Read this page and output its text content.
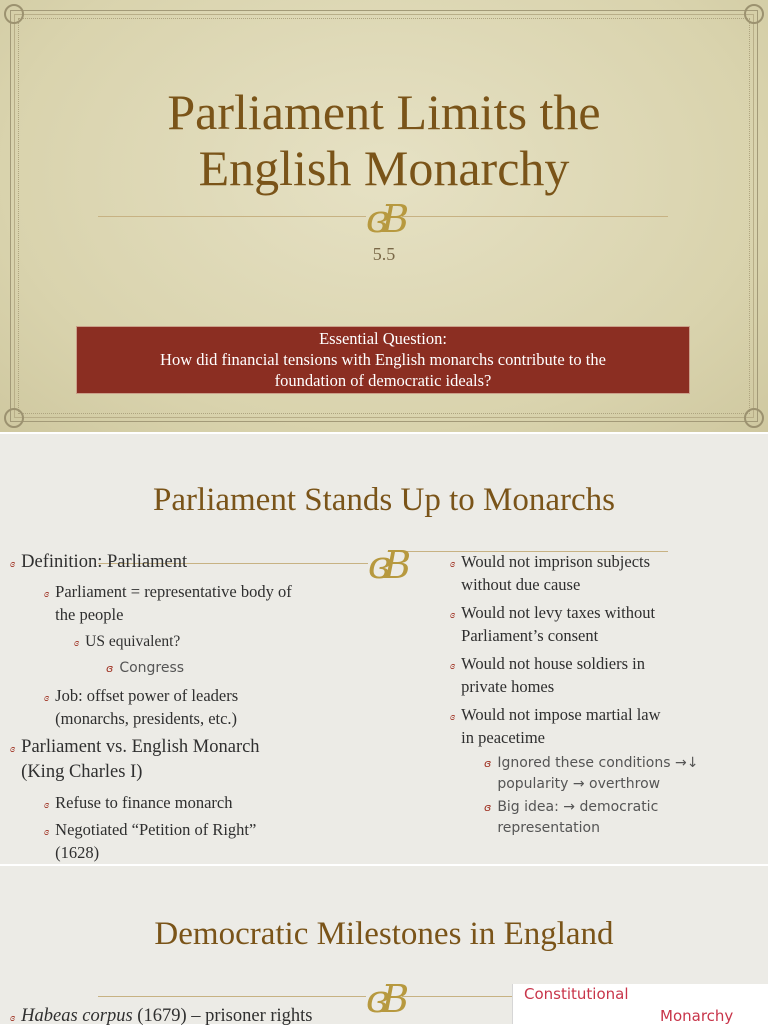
Parliament Limits the
English Monarchy
ɞB
5.5
Essential Question:
How did financial tensions with English monarchs contribute to the
foundation of democratic ideals?
Parliament Stands Up to Monarchs
ɞB
ɞ Definition: Parliament
ɞ Parliament = representative body of
the people
ɞ US equivalent?
ɞ Congress
ɞ Job: offset power of leaders
(monarchs, presidents, etc.)
ɞ Parliament vs. English Monarch
(King Charles I)
ɞ Refuse to finance monarch
ɞ Negotiated “Petition of Right”
(1628)
ɞ Would not imprison subjects
without due cause
ɞ Would not levy taxes without
Parliament’s consent
ɞ Would not house soldiers in
private homes
ɞ Would not impose martial law
in peacetime
ɞ Ignored these conditions →↓
popularity → overthrow
ɞ Big idea: → democratic
representation
Democratic Milestones in England
ɞB
ɞ Habeas corpus (1679) – prisoner rights
Constitutional
Monarchy
